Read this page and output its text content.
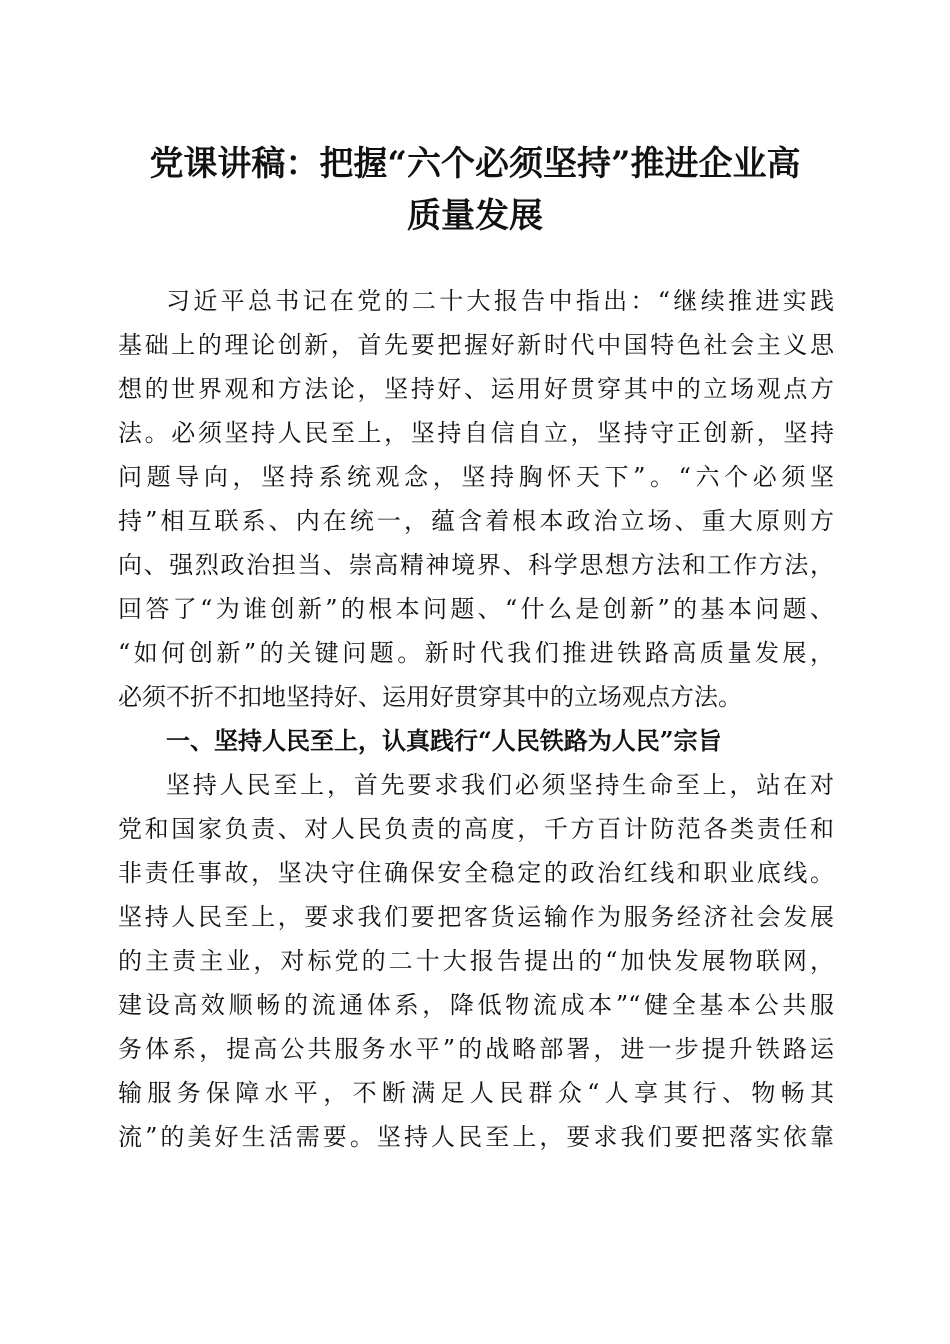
党课讲稿：把握“六个必须坚持”推进企业高
质量发展
习近平总书记在党的二十大报告中指出：“继续推进实践
基础上的理论创新，首先要把握好新时代中国特色社会主义思
想的世界观和方法论，坚持好、运用好贯穿其中的立场观点方
法。必须坚持人民至上，坚持自信自立，坚持守正创新，坚持
问题导向，坚持系统观念，坚持胸怀天下”。“六个必须坚
持”相互联系、内在统一，蕴含着根本政治立场、重大原则方
向、强烈政治担当、崇高精神境界、科学思想方法和工作方法，
回答了“为谁创新”的根本问题、“什么是创新”的基本问题、
“如何创新”的关键问题。新时代我们推进铁路高质量发展，
必须不折不扣地坚持好、运用好贯穿其中的立场观点方法。
一、坚持人民至上，认真践行“人民铁路为人民”宗旨
坚持人民至上，首先要求我们必须坚持生命至上，站在对
党和国家负责、对人民负责的高度，千方百计防范各类责任和
非责任事故，坚决守住确保安全稳定的政治红线和职业底线。
坚持人民至上，要求我们要把客货运输作为服务经济社会发展
的主责主业，对标党的二十大报告提出的“加快发展物联网，
建设高效顺畅的流通体系，降低物流成本”“健全基本公共服
务体系，提高公共服务水平”的战略部署，进一步提升铁路运
输服务保障水平，不断满足人民群众“人享其行、物畅其
流”的美好生活需要。坚持人民至上，要求我们要把落实依靠
